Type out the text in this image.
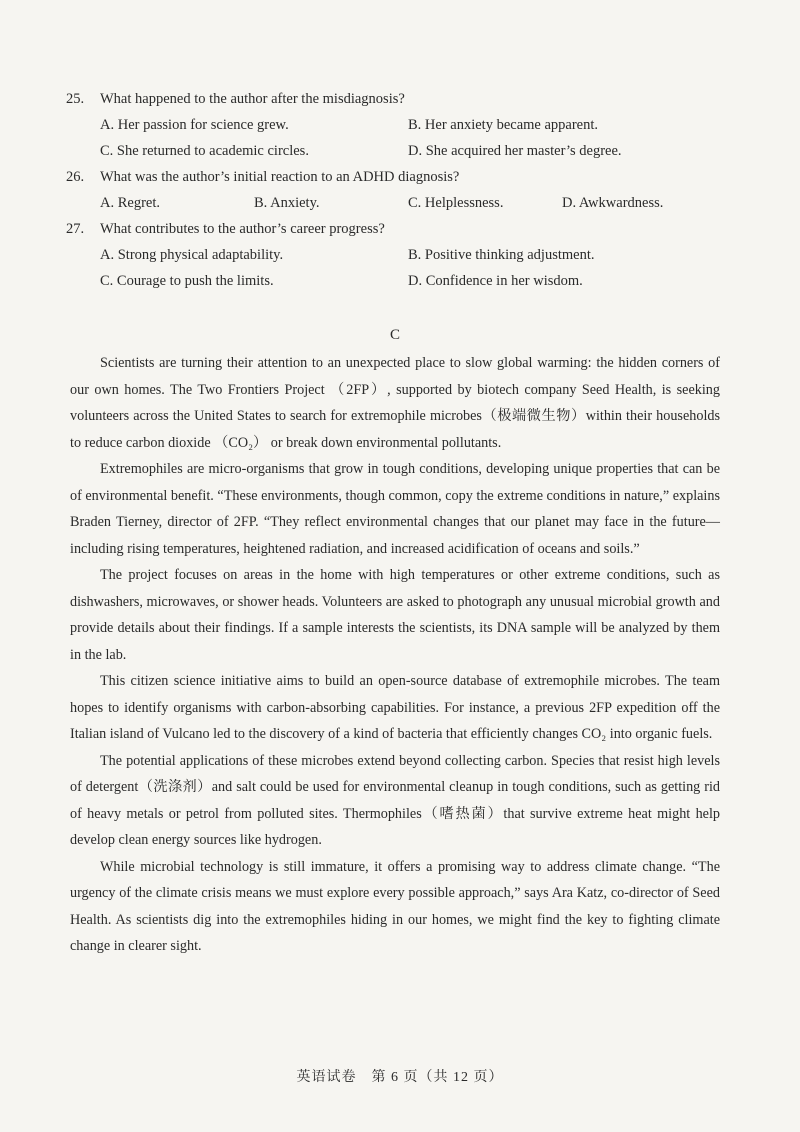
25. What happened to the author after the misdiagnosis?
A. Her passion for science grew.	B. Her anxiety became apparent.
C. She returned to academic circles.	D. She acquired her master’s degree.
26. What was the author’s initial reaction to an ADHD diagnosis?
A. Regret.	B. Anxiety.	C. Helplessness.	D. Awkwardness.
27. What contributes to the author’s career progress?
A. Strong physical adaptability.	B. Positive thinking adjustment.
C. Courage to push the limits.	D. Confidence in her wisdom.
C

Scientists are turning their attention to an unexpected place to slow global warming: the hidden corners of our own homes. The Two Frontiers Project （2FP）, supported by biotech company Seed Health, is seeking volunteers across the United States to search for extremophile microbes（极端微生物）within their households to reduce carbon dioxide （CO₂） or break down environmental pollutants.

Extremophiles are micro-organisms that grow in tough conditions, developing unique properties that can be of environmental benefit. “These environments, though common, copy the extreme conditions in nature,” explains Braden Tierney, director of 2FP. “They reflect environmental changes that our planet may face in the future—including rising temperatures, heightened radiation, and increased acidification of oceans and soils.”

The project focuses on areas in the home with high temperatures or other extreme conditions, such as dishwashers, microwaves, or shower heads. Volunteers are asked to photograph any unusual microbial growth and provide details about their findings. If a sample interests the scientists, its DNA sample will be analyzed by them in the lab.

This citizen science initiative aims to build an open-source database of extremophile microbes. The team hopes to identify organisms with carbon-absorbing capabilities. For instance, a previous 2FP expedition off the Italian island of Vulcano led to the discovery of a kind of bacteria that efficiently changes CO₂ into organic fuels.

The potential applications of these microbes extend beyond collecting carbon. Species that resist high levels of detergent（洗涤剂）and salt could be used for environmental cleanup in tough conditions, such as getting rid of heavy metals or petrol from polluted sites. Thermophiles（嗜热菌）that survive extreme heat might help develop clean energy sources like hydrogen.

While microbial technology is still immature, it offers a promising way to address climate change. “The urgency of the climate crisis means we must explore every possible approach,” says Ara Katz, co-director of Seed Health. As scientists dig into the extremophiles hiding in our homes, we might find the key to fighting climate change in clearer sight.

英语试卷　第 6 页（共 12 页）
